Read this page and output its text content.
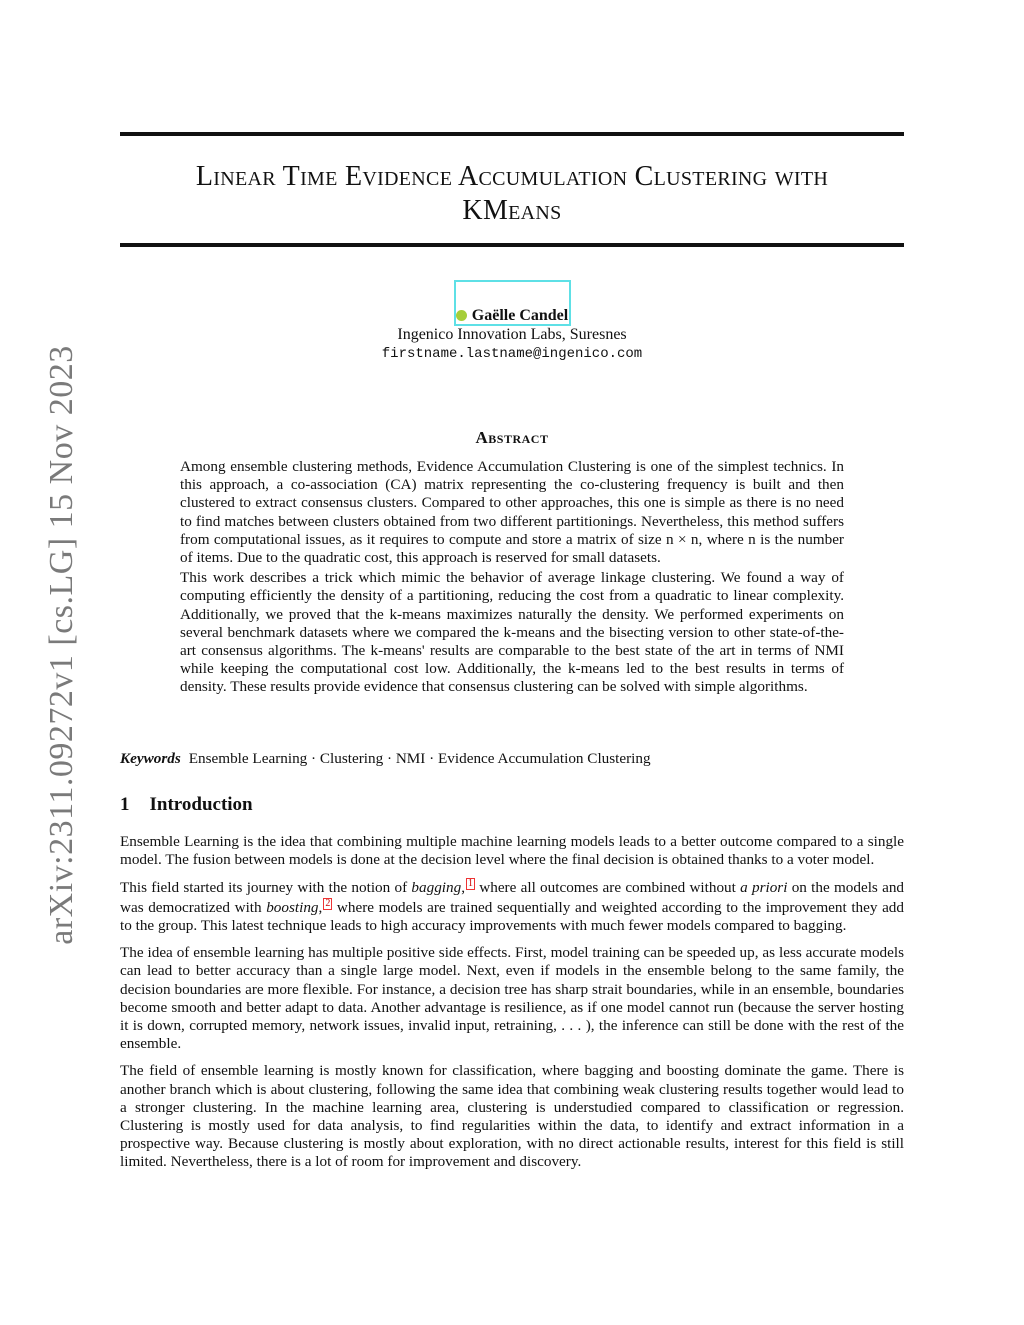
arXiv:2311.09272v1 [cs.LG] 15 Nov 2023
Linear Time Evidence Accumulation Clustering with
KMeans
Gaëlle Candel
Ingenico Innovation Labs, Suresnes
firstname.lastname@ingenico.com
Abstract

Among ensemble clustering methods, Evidence Accumulation Clustering is one of the simplest technics. In this approach, a co-association (CA) matrix representing the co-clustering frequency is built and then clustered to extract consensus clusters. Compared to other approaches, this one is simple as there is no need to find matches between clusters obtained from two different partitionings. Nevertheless, this method suffers from computational issues, as it requires to compute and store a matrix of size n × n, where n is the number of items. Due to the quadratic cost, this approach is reserved for small datasets.

This work describes a trick which mimic the behavior of average linkage clustering. We found a way of computing efficiently the density of a partitioning, reducing the cost from a quadratic to linear complexity. Additionally, we proved that the k-means maximizes naturally the density. We performed experiments on several benchmark datasets where we compared the k-means and the bisecting version to other state-of-the-art consensus algorithms. The k-means' results are comparable to the best state of the art in terms of NMI while keeping the computational cost low. Additionally, the k-means led to the best results in terms of density. These results provide evidence that consensus clustering can be solved with simple algorithms.

Keywords Ensemble Learning · Clustering · NMI · Evidence Accumulation Clustering
1 Introduction

Ensemble Learning is the idea that combining multiple machine learning models leads to a better outcome compared to a single model. The fusion between models is done at the decision level where the final decision is obtained thanks to a voter model.

This field started its journey with the notion of bagging, 1 where all outcomes are combined without a priori on the models and was democratized with boosting, 2 where models are trained sequentially and weighted according to the improvement they add to the group. This latest technique leads to high accuracy improvements with much fewer models compared to bagging.

The idea of ensemble learning has multiple positive side effects. First, model training can be speeded up, as less accurate models can lead to better accuracy than a single large model. Next, even if models in the ensemble belong to the same family, the decision boundaries are more flexible. For instance, a decision tree has sharp strait boundaries, while in an ensemble, boundaries become smooth and better adapt to data. Another advantage is resilience, as if one model cannot run (because the server hosting it is down, corrupted memory, network issues, invalid input, retraining, . . . ), the inference can still be done with the rest of the ensemble.

The field of ensemble learning is mostly known for classification, where bagging and boosting dominate the game. There is another branch which is about clustering, following the same idea that combining weak clustering results together would lead to a stronger clustering. In the machine learning area, clustering is understudied compared to classification or regression. Clustering is mostly used for data analysis, to find regularities within the data, to identify and extract information in a prospective way. Because clustering is mostly about exploration, with no direct actionable results, interest for this field is still limited. Nevertheless, there is a lot of room for improvement and discovery.
